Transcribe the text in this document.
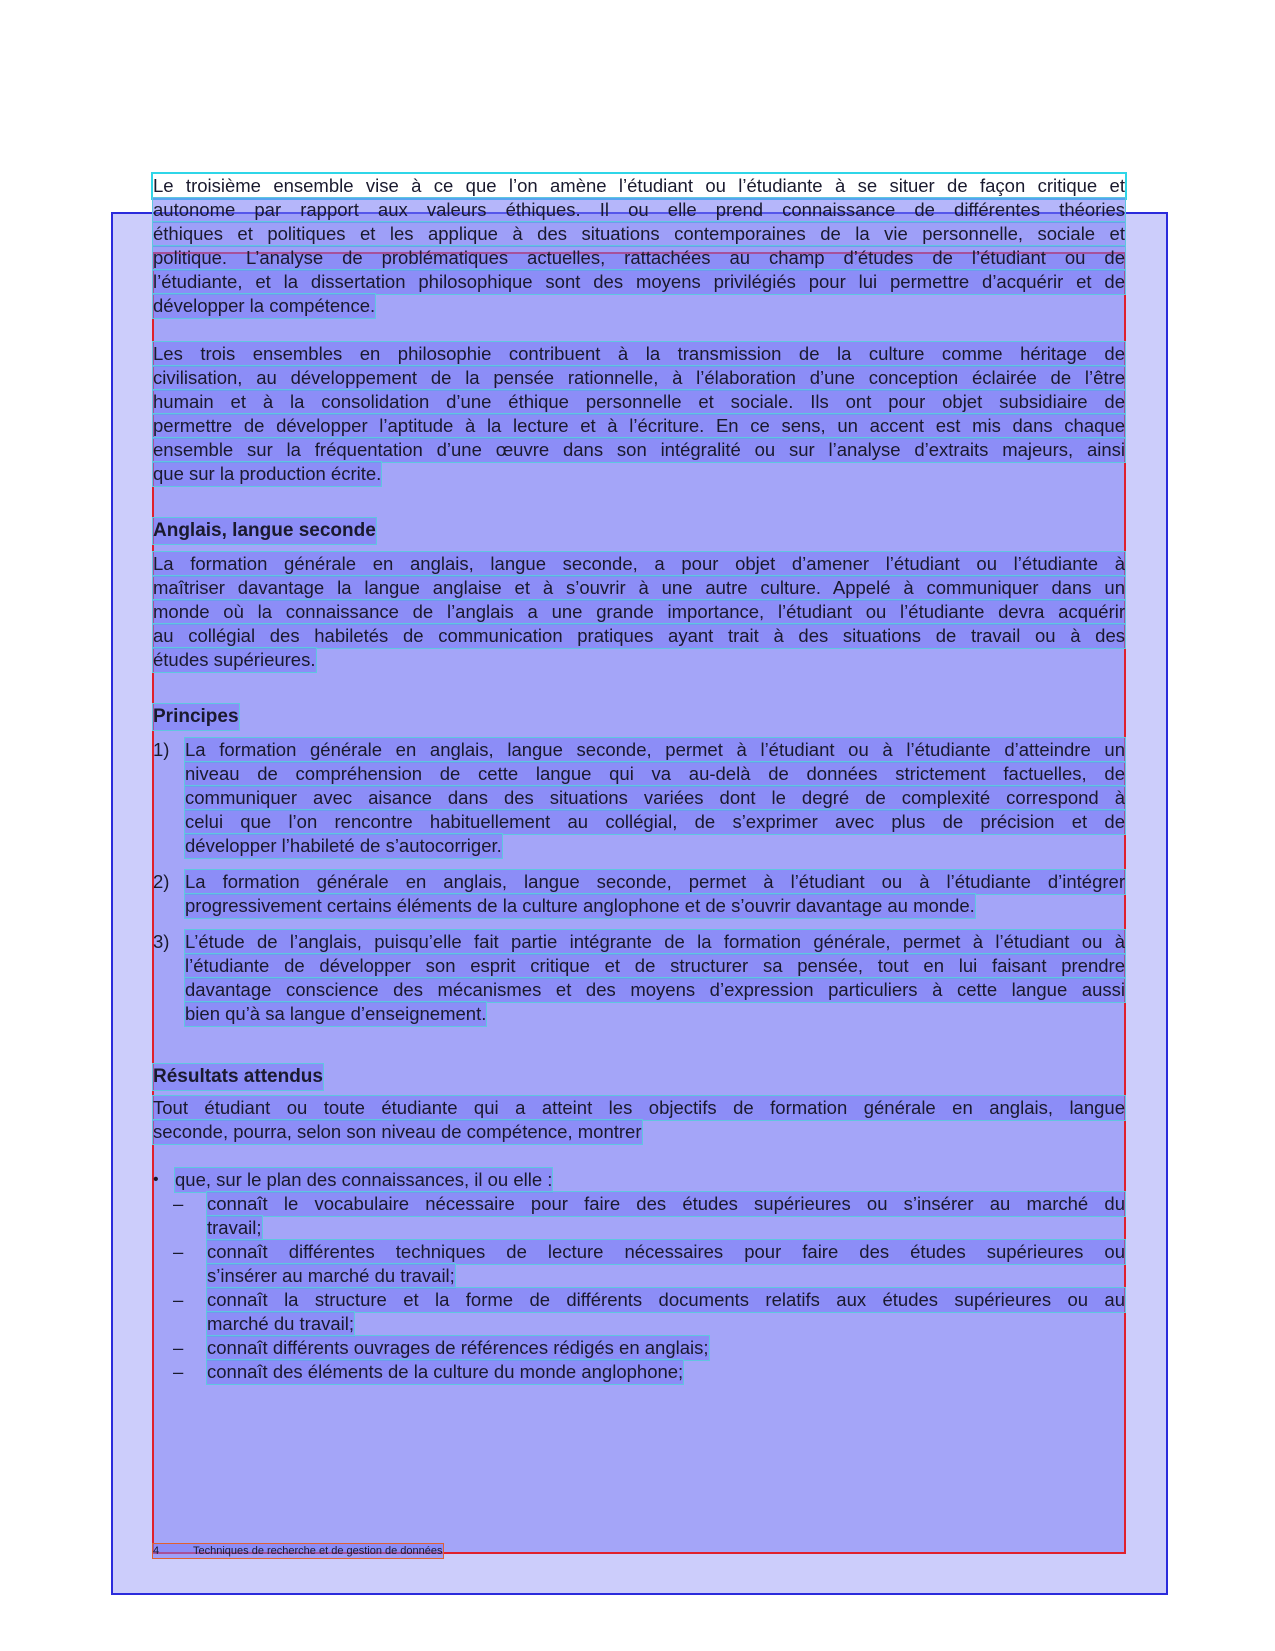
Le troisième ensemble vise à ce que l’on amène l’étudiant ou l’étudiante à se situer de façon critique et
autonome par rapport aux valeurs éthiques. Il ou elle prend connaissance de différentes théories
éthiques et politiques et les applique à des situations contemporaines de la vie personnelle, sociale et
politique. L’analyse de problématiques actuelles, rattachées au champ d’études de l’étudiant ou de
l’étudiante, et la dissertation philosophique sont des moyens privilégiés pour lui permettre d’acquérir et de
développer la compétence.
Les trois ensembles en philosophie contribuent à la transmission de la culture comme héritage de
civilisation, au développement de la pensée rationnelle, à l’élaboration d’une conception éclairée de l’être
humain et à la consolidation d’une éthique personnelle et sociale. Ils ont pour objet subsidiaire de
permettre de développer l’aptitude à la lecture et à l’écriture. En ce sens, un accent est mis dans chaque
ensemble sur la fréquentation d’une œuvre dans son intégralité ou sur l’analyse d’extraits majeurs, ainsi
que sur la production écrite.
Anglais, langue seconde
La formation générale en anglais, langue seconde, a pour objet d’amener l’étudiant ou l’étudiante à
maîtriser davantage la langue anglaise et à s’ouvrir à une autre culture. Appelé à communiquer dans un
monde où la connaissance de l’anglais a une grande importance, l’étudiant ou l’étudiante devra acquérir
au collégial des habiletés de communication pratiques ayant trait à des situations de travail ou à des
études supérieures.
Principes
1) La formation générale en anglais, langue seconde, permet à l’étudiant ou à l’étudiante d’atteindre un
niveau de compréhension de cette langue qui va au-delà de données strictement factuelles, de
communiquer avec aisance dans des situations variées dont le degré de complexité correspond à
celui que l’on rencontre habituellement au collégial, de s’exprimer avec plus de précision et de
développer l’habileté de s’autocorriger.
2) La formation générale en anglais, langue seconde, permet à l’étudiant ou à l’étudiante d’intégrer
progressivement certains éléments de la culture anglophone et de s’ouvrir davantage au monde.
3) L’étude de l’anglais, puisqu’elle fait partie intégrante de la formation générale, permet à l’étudiant ou à
l’étudiante de développer son esprit critique et de structurer sa pensée, tout en lui faisant prendre
davantage conscience des mécanismes et des moyens d’expression particuliers à cette langue aussi
bien qu’à sa langue d’enseignement.
Résultats attendus
Tout étudiant ou toute étudiante qui a atteint les objectifs de formation générale en anglais, langue
seconde, pourra, selon son niveau de compétence, montrer
• que, sur le plan des connaissances, il ou elle :
–	connaît le vocabulaire nécessaire pour faire des études supérieures ou s’insérer au marché du
travail;
–	connaît différentes techniques de lecture nécessaires pour faire des études supérieures ou
s’insérer au marché du travail;
–	connaît la structure et la forme de différents documents relatifs aux études supérieures ou au
marché du travail;
–	connaît différents ouvrages de références rédigés en anglais;
–	connaît des éléments de la culture du monde anglophone;
4	Techniques de recherche et de gestion de données
